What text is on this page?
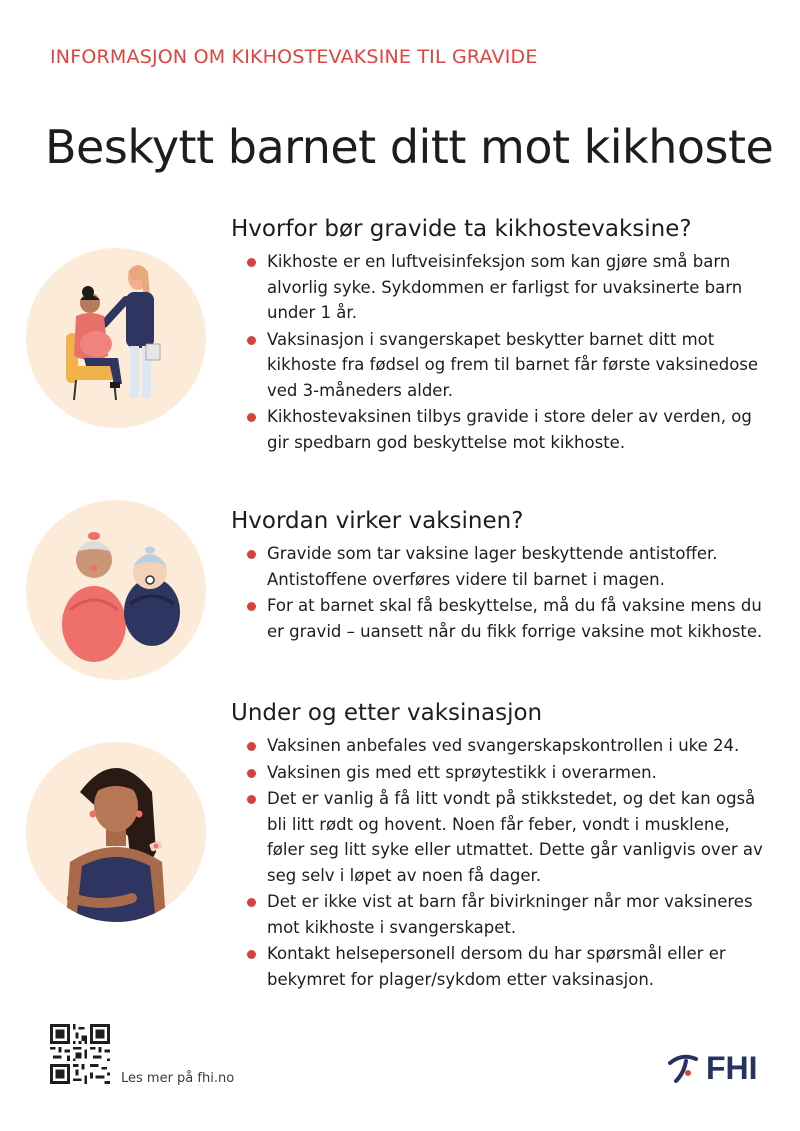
INFORMASJON OM KIKHOSTEVAKSINE TIL GRAVIDE
Beskytt barnet ditt mot kikhoste
Hvorfor bør gravide ta kikhostevaksine?
Kikhoste er en luftveisinfeksjon som kan gjøre små barn alvorlig syke. Sykdommen er farligst for uvaksinerte barn under 1 år.
Vaksinasjon i svangerskapet beskytter barnet ditt mot kikhoste fra fødsel og frem til barnet får første vaksinedose ved 3-måneders alder.
Kikhostevaksinen tilbys gravide i store deler av verden, og gir spedbarn god beskyttelse mot kikhoste.
Hvordan virker vaksinen?
Gravide som tar vaksine lager beskyttende antistoffer. Antistoffene overføres videre til barnet i magen.
For at barnet skal få beskyttelse, må du få vaksine mens du er gravid – uansett når du fikk forrige vaksine mot kikhoste.
Under og etter vaksinasjon
Vaksinen anbefales ved svangerskapskontrollen i uke 24.
Vaksinen gis med ett sprøytestikk i overarmen.
Det er vanlig å få litt vondt på stikkstedet, og det kan også bli litt rødt og hovent. Noen får feber, vondt i musklene, føler seg litt syke eller utmattet. Dette går vanligvis over av seg selv i løpet av noen få dager.
Det er ikke vist at barn får bivirkninger når mor vaksineres mot kikhoste i svangerskapet.
Kontakt helsepersonell dersom du har spørsmål eller er bekymret for plager/sykdom etter vaksinasjon.
Les mer på fhi.no	FHI
